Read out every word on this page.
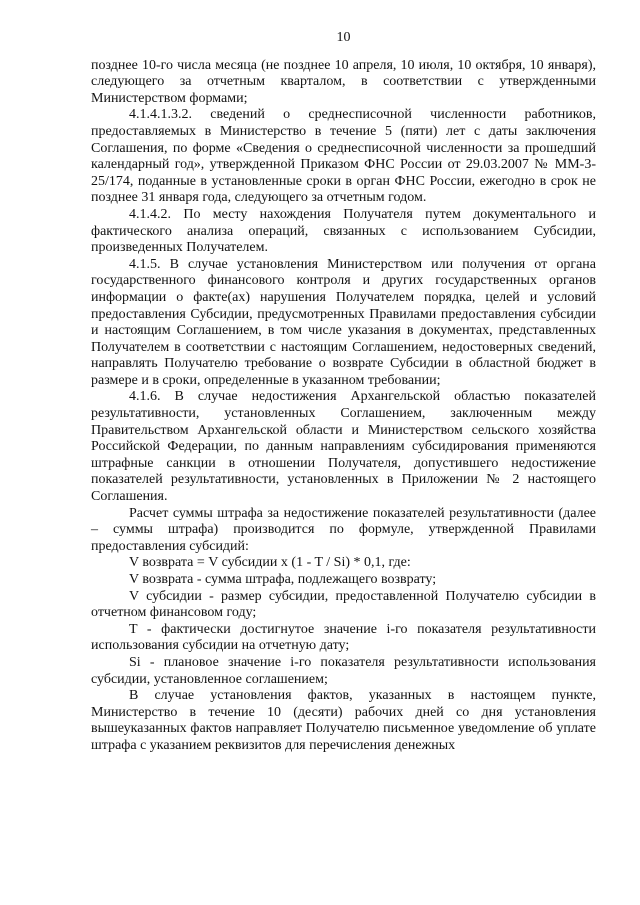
10

позднее 10-го числа месяца (не позднее 10 апреля, 10 июля, 10 октября, 10 января), следующего за отчетным кварталом, в соответствии с утвержденными Министерством формами;

4.1.4.1.3.2. сведений о среднесписочной численности работников, предоставляемых в Министерство в течение 5 (пяти) лет с даты заключения Соглашения, по форме «Сведения о среднесписочной численности за прошедший календарный год», утвержденной Приказом ФНС России от 29.03.2007 № ММ-3-25/174, поданные в установленные сроки в орган ФНС России, ежегодно в срок не позднее 31 января года, следующего за отчетным годом.

4.1.4.2. По месту нахождения Получателя путем документального и фактического анализа операций, связанных с использованием Субсидии, произведенных Получателем.

4.1.5. В случае установления Министерством или получения от органа государственного финансового контроля и других государственных органов информации о факте(ах) нарушения Получателем порядка, целей и условий предоставления Субсидии, предусмотренных Правилами предоставления субсидии и настоящим Соглашением, в том числе указания в документах, представленных Получателем в соответствии с настоящим Соглашением, недостоверных сведений, направлять Получателю требование о возврате Субсидии в областной бюджет в размере и в сроки, определенные в указанном требовании;

4.1.6. В случае недостижения Архангельской областью показателей результативности, установленных Соглашением, заключенным между Правительством Архангельской области и Министерством сельского хозяйства Российской Федерации, по данным направлениям субсидирования применяются штрафные санкции в отношении Получателя, допустившего недостижение показателей результативности, установленных в Приложении № 2 настоящего Соглашения.

Расчет суммы штрафа за недостижение показателей результативности (далее – суммы штрафа) производится по формуле, утвержденной Правилами предоставления субсидий:

V возврата = V субсидии x (1 - T / Si) * 0,1, где:

V возврата - сумма штрафа, подлежащего возврату;

V субсидии - размер субсидии, предоставленной Получателю субсидии в отчетном финансовом году;

T - фактически достигнутое значение i-го показателя результативности использования субсидии на отчетную дату;

Si - плановое значение i-го показателя результативности использования субсидии, установленное соглашением;

В случае установления фактов, указанных в настоящем пункте, Министерство в течение 10 (десяти) рабочих дней со дня установления вышеуказанных фактов направляет Получателю письменное уведомление об уплате штрафа с указанием реквизитов для перечисления денежных
